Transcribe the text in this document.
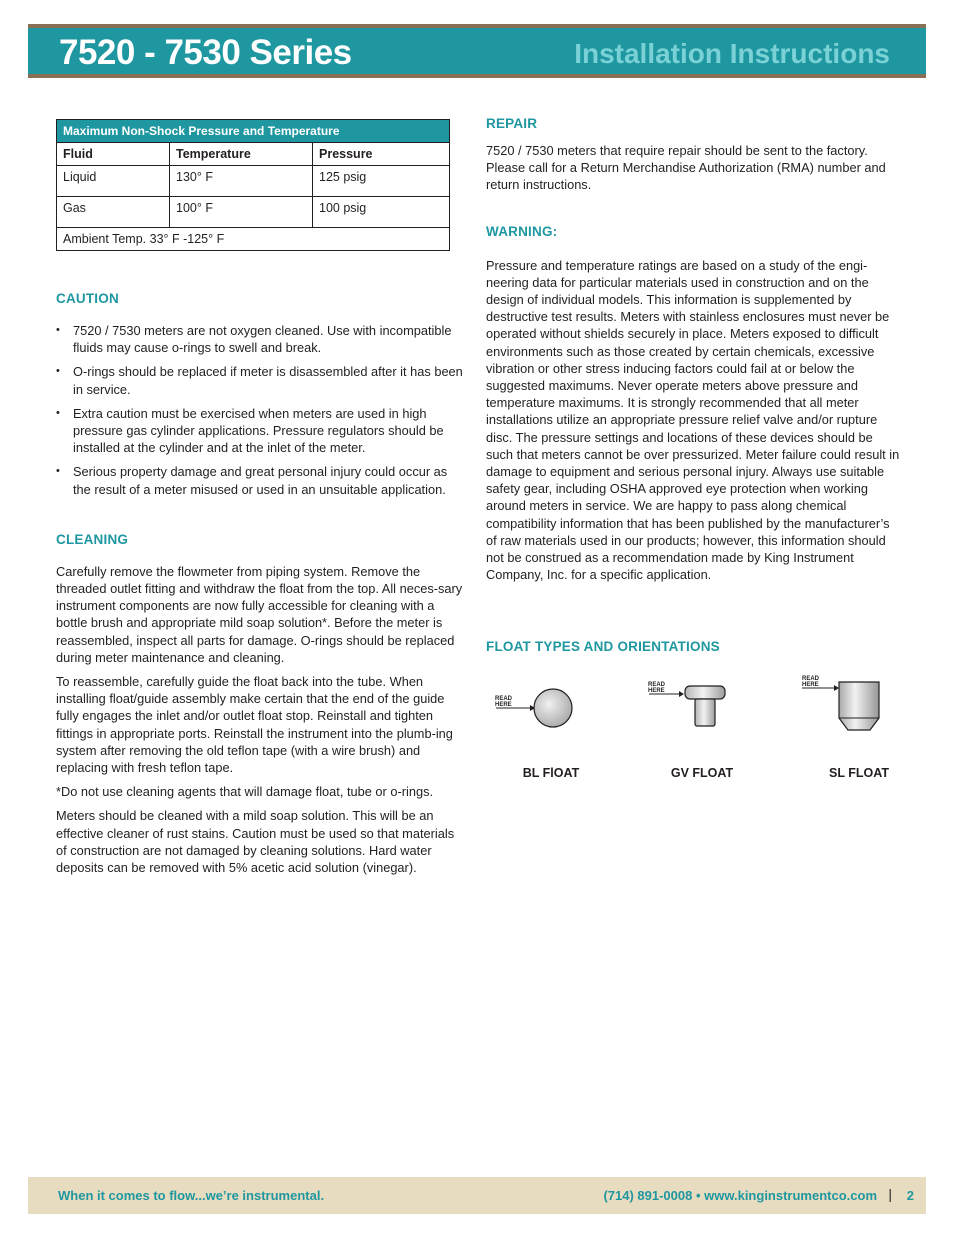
7520 - 7530 Series	Installation Instructions
Maximum Non-Shock Pressure and Temperature		
Fluid	Temperature	Pressure
Liquid	130° F	125 psig
Gas	100° F	100 psig
Ambient Temp. 33° F -125° F		
CAUTION
• 7520 / 7530 meters are not oxygen cleaned. Use with incompatible fluids may cause o-rings to swell and break.
• O-rings should be replaced if meter is disassembled after it has been in service.
• Extra caution must be exercised when meters are used in high pressure gas cylinder applications. Pressure regulators should be installed at the cylinder and at the inlet of the meter.
• Serious property damage and great personal injury could occur as the result of a meter misused or used in an unsuitable application.
CLEANING

Carefully remove the flowmeter from piping system. Remove the threaded outlet fitting and withdraw the float from the top. All neces-sary instrument components are now fully accessible for cleaning with a bottle brush and appropriate mild soap solution*. Before the meter is reassembled, inspect all parts for damage. O-rings should be replaced during meter maintenance and cleaning.

To reassemble, carefully guide the float back into the tube. When installing float/guide assembly make certain that the end of the guide fully engages the inlet and/or outlet float stop. Reinstall and tighten fittings in appropriate ports. Reinstall the instrument into the plumb-ing system after removing the old teflon tape (with a wire brush) and replacing with fresh teflon tape.

*Do not use cleaning agents that will damage float, tube or o-rings.

Meters should be cleaned with a mild soap solution. This will be an effective cleaner of rust stains. Caution must be used so that materials of construction are not damaged by cleaning solutions. Hard water deposits can be removed with 5% acetic acid solution (vinegar).

REPAIR

7520 / 7530 meters that require repair should be sent to the factory. Please call for a Return Merchandise Authorization (RMA) number and return instructions.

WARNING:

Pressure and temperature ratings are based on a study of the engi-neering data for particular materials used in construction and on the design of individual models. This information is supplemented by destructive test results. Meters with stainless enclosures must never be operated without shields securely in place. Meters exposed to difficult environments such as those created by certain chemicals, excessive vibration or other stress inducing factors could fail at or below the suggested maximums. Never operate meters above pressure and temperature maximums. It is strongly recommended that all meter installations utilize an appropriate pressure relief valve and/or rupture disc. The pressure settings and locations of these devices should be such that meters cannot be over pressurized. Meter failure could result in damage to equipment and serious personal injury. Always use suitable safety gear, including OSHA approved eye protection when working around meters in service. We are happy to pass along chemical compatibility information that has been published by the manufacturer’s of raw materials used in our products; however, this information should not be construed as a recommendation made by King Instrument Company, Inc. for a specific application.

FLOAT TYPES AND ORIENTATIONS
READ
HERE
BL FlOAT
READ
HERE
GV FLOAT
READ
HERE
SL FLOAT
When it comes to flow...we’re instrumental.	(714) 891-0008 • www.kinginstrumentco.com | 2
